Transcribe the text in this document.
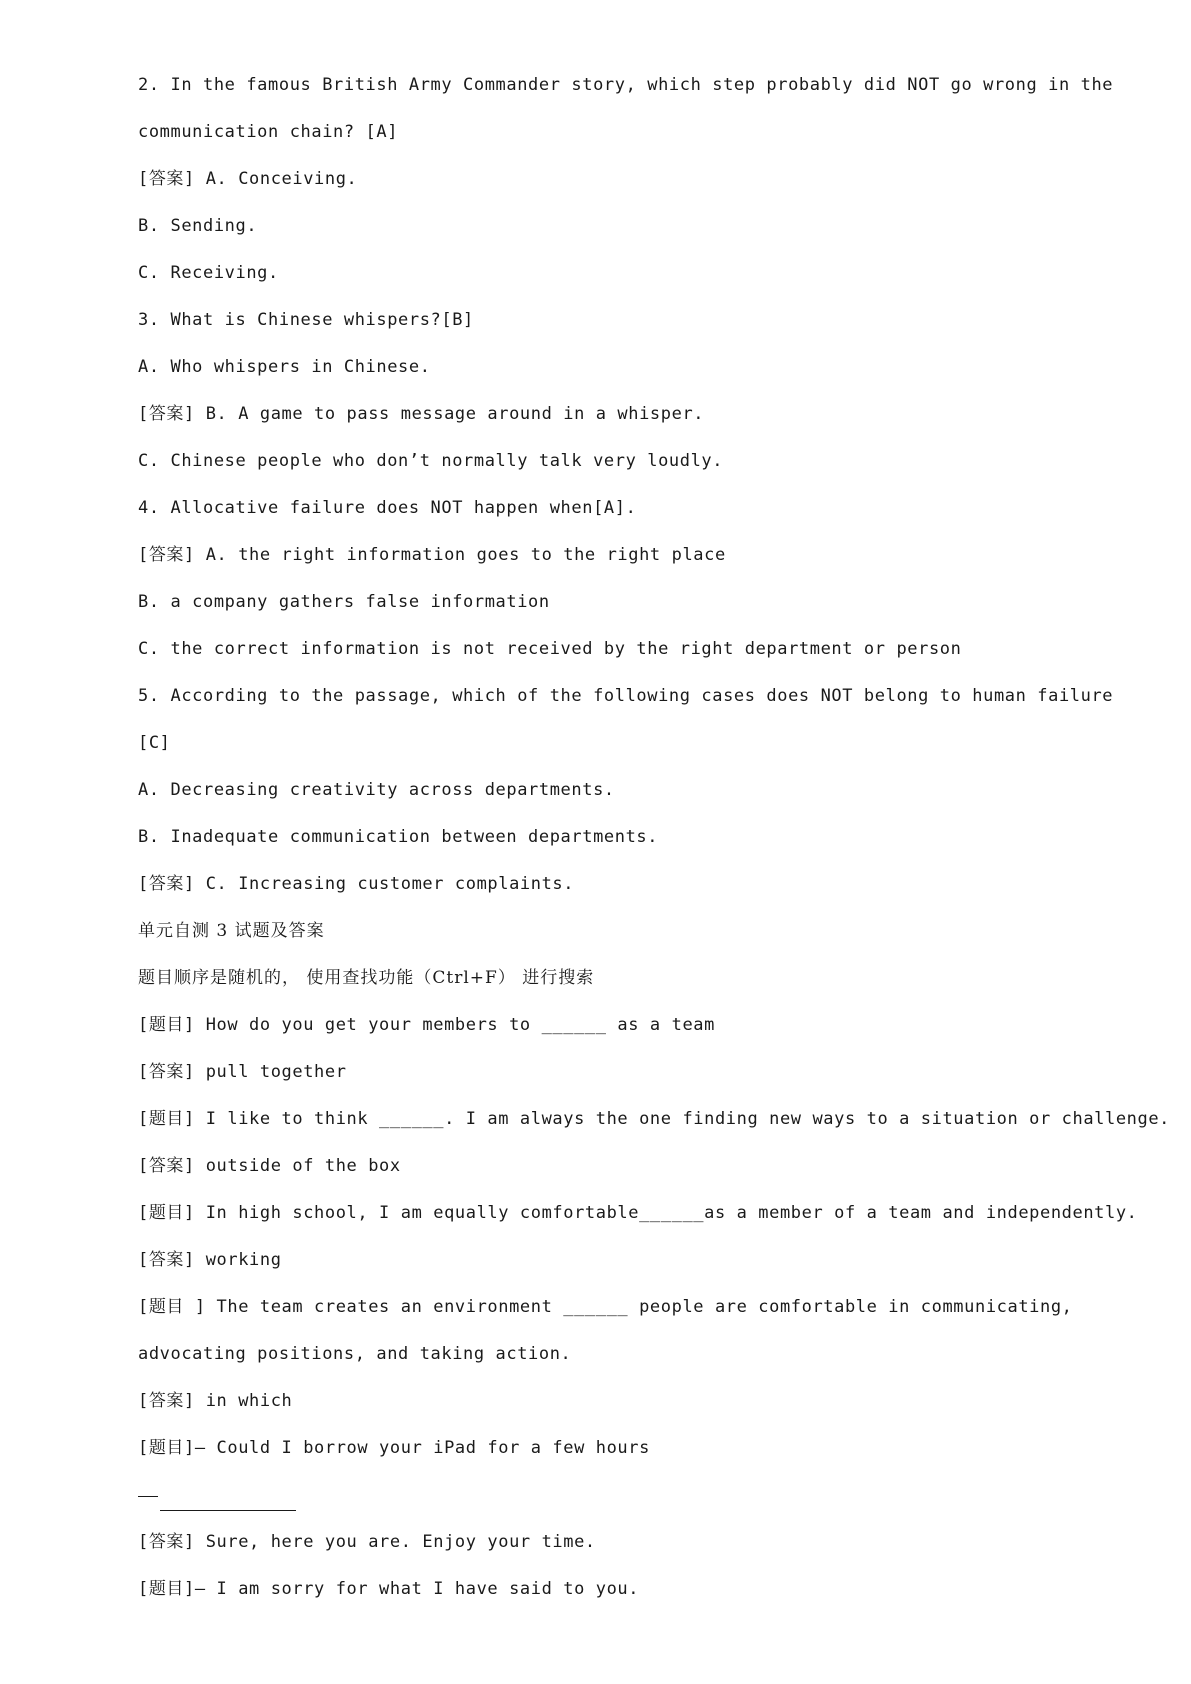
2. In the famous British Army Commander story, which step probably did NOT go wrong in the
communication chain? [A]
[答案] A. Conceiving.
B. Sending.
C. Receiving.
3. What is Chinese whispers?[B]
A. Who whispers in Chinese.
[答案] B. A game to pass message around in a whisper.
C. Chinese people who don’t normally talk very loudly.
4. Allocative failure does NOT happen when[A].
[答案] A. the right information goes to the right place
B. a company gathers false information
C. the correct information is not received by the right department or person
5. According to the passage, which of the following cases does NOT belong to human failure
[C]
A. Decreasing creativity across departments.
B. Inadequate communication between departments.
[答案] C. Increasing customer complaints.
单元自测 3 试题及答案
题目顺序是随机的， 使用查找功能（Ctrl+F） 进行搜索
[题目] How do you get your members to ______ as a team
[答案] pull together
[题目] I like to think ______. I am always the one finding new ways to a situation or challenge.
[答案] outside of the box
[题目] In high school, I am equally comfortable______as a member of a team and independently.
[答案] working
[题目 ] The team creates an environment ______ people are comfortable in communicating,
advocating positions, and taking action.
[答案] in which
[题目]— Could I borrow your iPad for a few hours
[答案] Sure, here you are. Enjoy your time.
[题目]— I am sorry for what I have said to you.
